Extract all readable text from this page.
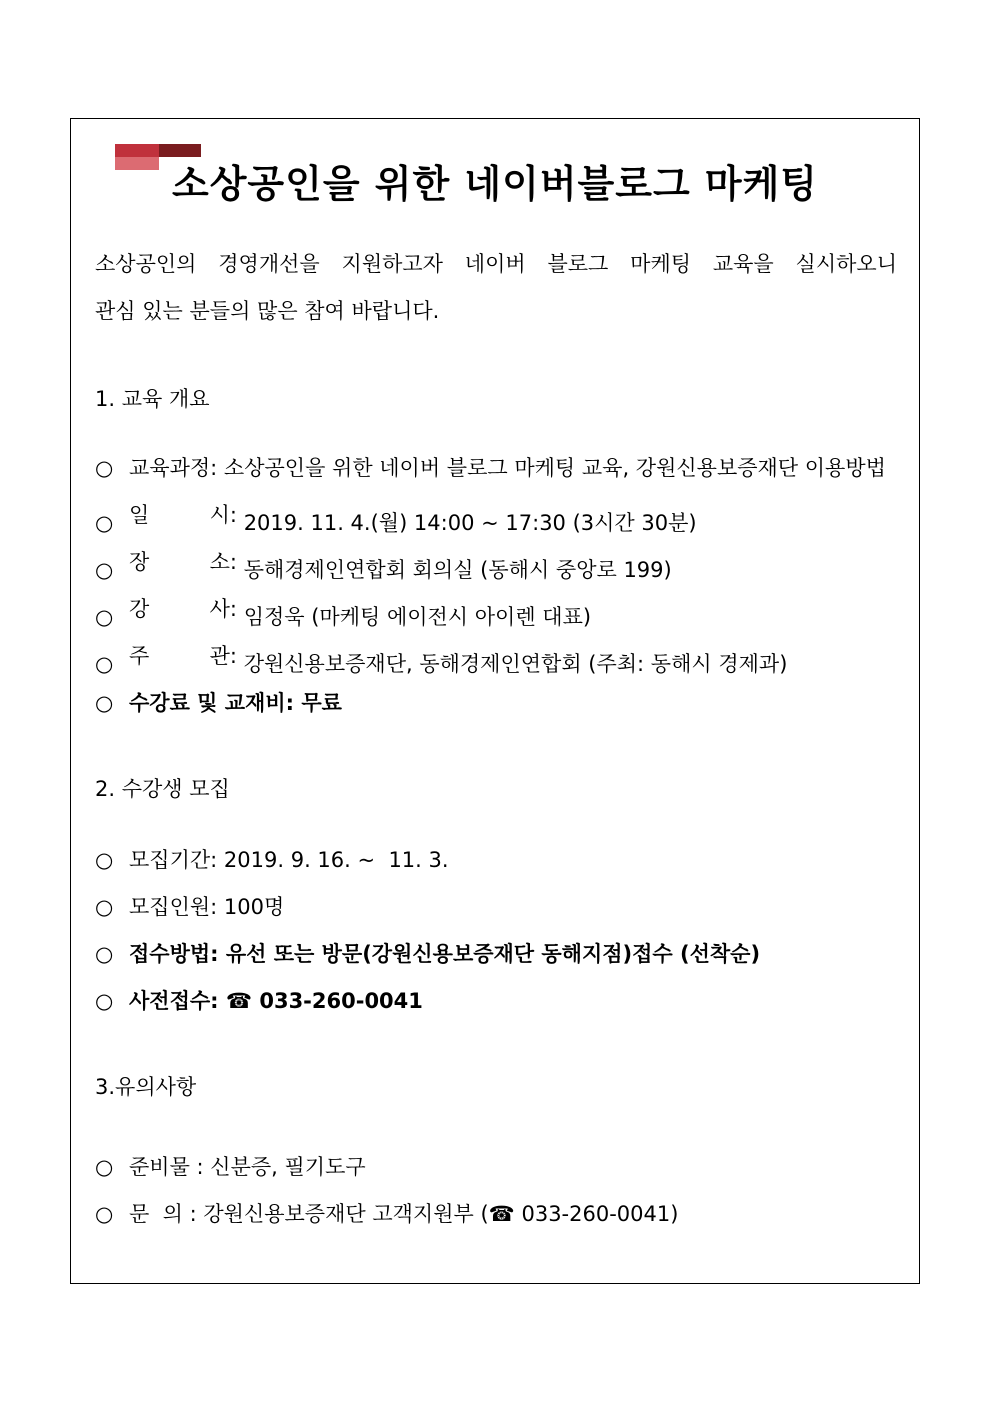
소상공인을 위한 네이버블로그 마케팅
소상공인의 경영개선을 지원하고자 네이버 블로그 마케팅 교육을 실시하오니
관심 있는 분들의 많은 참여 바랍니다.
1. 교육 개요
○ 교육과정: 소상공인을 위한 네이버 블로그 마케팅 교육, 강원신용보증재단 이용방법
○ 일	시: 2019. 11. 4.(월) 14:00 ~ 17:30 (3시간 30분)
○ 장	소: 동해경제인연합회 회의실 (동해시 중앙로 199)
○ 강	사: 임정욱 (마케팅 에이전시 아이렌 대표)
○ 주	관: 강원신용보증재단, 동해경제인연합회 (주최: 동해시 경제과)
○ 수강료 및 교재비: 무료
2. 수강생 모집
○ 모집기간: 2019. 9. 16. ~  11. 3.
○ 모집인원: 100명
○ 접수방법: 유선 또는 방문(강원신용보증재단 동해지점)접수 (선착순)
○ 사전접수: ☎ 033-260-0041
3.유의사항
○ 준비물 : 신분증, 필기도구
○ 문  의 : 강원신용보증재단 고객지원부 (☎ 033-260-0041)
